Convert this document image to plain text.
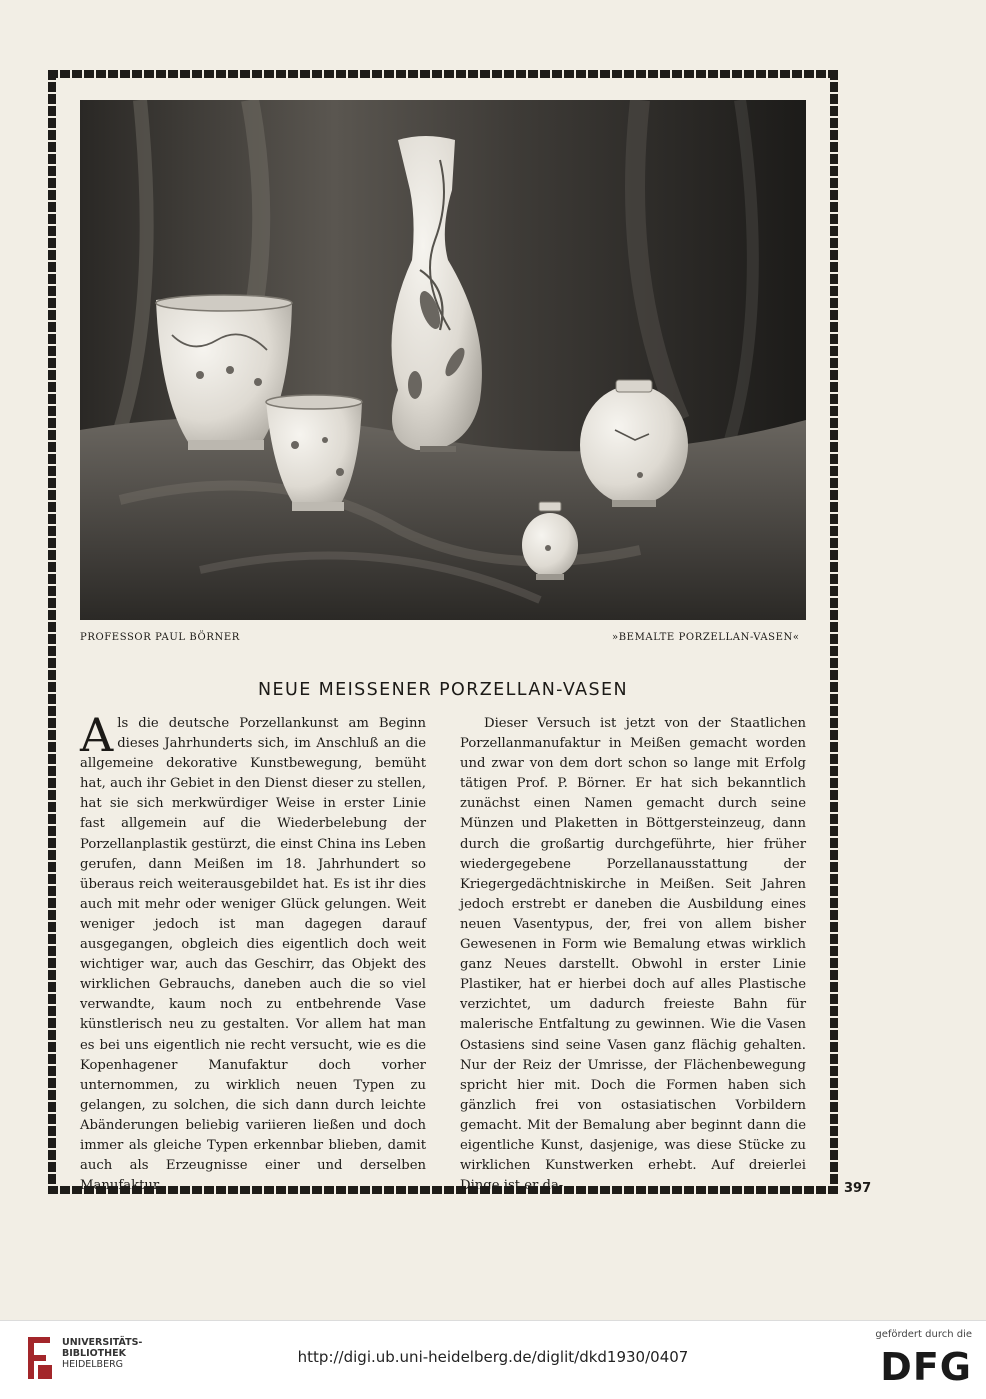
PROFESSOR PAUL BÖRNER	»BEMALTE PORZELLAN-VASEN«
NEUE MEISSENER PORZELLAN-VASEN

Als die deutsche Porzellankunst am Beginn dieses Jahrhunderts sich, im Anschluß an die allgemeine dekorative Kunstbewegung, bemüht hat, auch ihr Gebiet in den Dienst dieser zu stellen, hat sie sich merkwürdiger Weise in erster Linie fast allgemein auf die Wiederbelebung der Porzellanplastik gestürzt, die einst China ins Leben gerufen, dann Meißen im 18. Jahrhundert so überaus reich weiterausgebildet hat. Es ist ihr dies auch mit mehr oder weniger Glück gelungen. Weit weniger jedoch ist man dagegen darauf ausgegangen, obgleich dies eigentlich doch weit wichtiger war, auch das Geschirr, das Objekt des wirklichen Gebrauchs, daneben auch die so viel verwandte, kaum noch zu entbehrende Vase künstlerisch neu zu gestalten. Vor allem hat man es bei uns eigentlich nie recht versucht, wie es die Kopenhagener Manufaktur doch vorher unternommen, zu wirklich neuen Typen zu gelangen, zu solchen, die sich dann durch leichte Abänderungen beliebig variieren ließen und doch immer als gleiche Typen erkennbar blieben, damit auch als Erzeugnisse einer und derselben Manufaktur.

Dieser Versuch ist jetzt von der Staatlichen Porzellanmanufaktur in Meißen gemacht worden und zwar von dem dort schon so lange mit Erfolg tätigen Prof. P. Börner. Er hat sich bekanntlich zunächst einen Namen gemacht durch seine Münzen und Plaketten in Böttgersteinzeug, dann durch die großartig durchgeführte, hier früher wiedergegebene Porzellanausstattung der Kriegergedächtniskirche in Meißen. Seit Jahren jedoch erstrebt er daneben die Ausbildung eines neuen Vasentypus, der, frei von allem bisher Gewesenen in Form wie Bemalung etwas wirklich ganz Neues darstellt. Obwohl in erster Linie Plastiker, hat er hierbei doch auf alles Plastische verzichtet, um dadurch freieste Bahn für malerische Entfaltung zu gewinnen. Wie die Vasen Ostasiens sind seine Vasen ganz flächig gehalten. Nur der Reiz der Umrisse, der Flächenbewegung spricht hier mit. Doch die Formen haben sich gänzlich frei von ostasiatischen Vorbildern gemacht. Mit der Bemalung aber beginnt dann die eigentliche Kunst, dasjenige, was diese Stücke zu wirklichen Kunstwerken erhebt. Auf dreierlei Dinge ist er da-	397
UNIVERSITÄTS-
BIBLIOTHEK
HEIDELBERG	http://digi.ub.uni-heidelberg.de/diglit/dkd1930/0407
gefördert durch die
DFG
